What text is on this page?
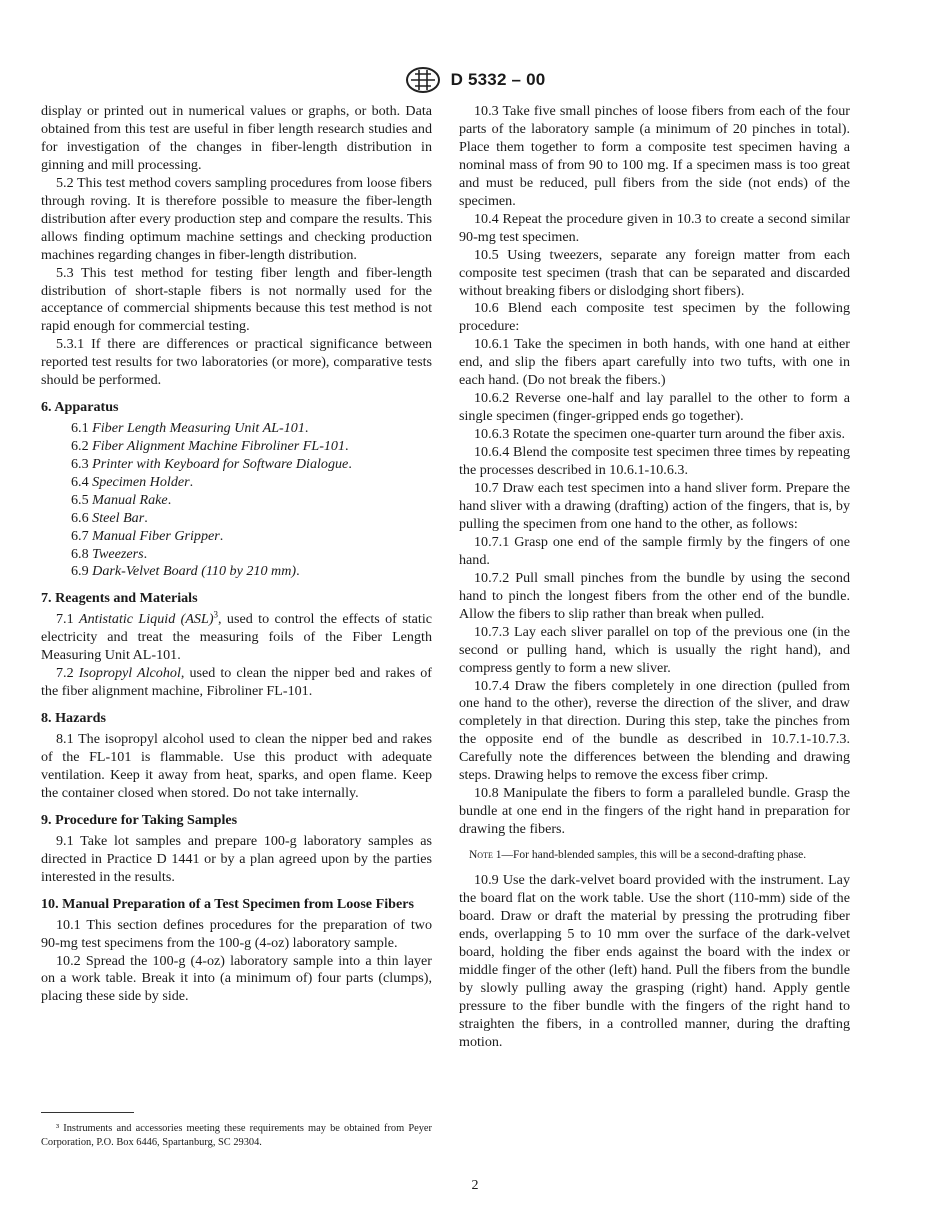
D 5332 – 00

display or printed out in numerical values or graphs, or both. Data obtained from this test are useful in fiber length research studies and for investigation of the changes in fiber-length distribution in ginning and mill processing.

5.2 This test method covers sampling procedures from loose fibers through roving. It is therefore possible to measure the fiber-length distribution after every production step and compare the results. This allows finding optimum machine settings and checking production machines regarding changes in fiber-length distribution.

5.3 This test method for testing fiber length and fiber-length distribution of short-staple fibers is not normally used for the acceptance of commercial shipments because this test method is not rapid enough for commercial testing.

5.3.1 If there are differences or practical significance between reported test results for two laboratories (or more), comparative tests should be performed.

6. Apparatus

6.1 Fiber Length Measuring Unit AL-101.

6.2 Fiber Alignment Machine Fibroliner FL-101.

6.3 Printer with Keyboard for Software Dialogue.

6.4 Specimen Holder.

6.5 Manual Rake.

6.6 Steel Bar.

6.7 Manual Fiber Gripper.

6.8 Tweezers.

6.9 Dark-Velvet Board (110 by 210 mm).

7. Reagents and Materials

7.1 Antistatic Liquid (ASL)$^3$, used to control the effects of static electricity and treat the measuring foils of the Fiber Length Measuring Unit AL-101.

7.2 Isopropyl Alcohol, used to clean the nipper bed and rakes of the fiber alignment machine, Fibroliner FL-101.

8. Hazards

8.1 The isopropyl alcohol used to clean the nipper bed and rakes of the FL-101 is flammable. Use this product with adequate ventilation. Keep it away from heat, sparks, and open flame. Keep the container closed when stored. Do not take internally.

9. Procedure for Taking Samples

9.1 Take lot samples and prepare 100-g laboratory samples as directed in Practice D 1441 or by a plan agreed upon by the parties interested in the results.

10. Manual Preparation of a Test Specimen from Loose Fibers

10.1 This section defines procedures for the preparation of two 90-mg test specimens from the 100-g (4-oz) laboratory sample.

10.2 Spread the 100-g (4-oz) laboratory sample into a thin layer on a work table. Break it into (a minimum of) four parts (clumps), placing these side by side.

³ Instruments and accessories meeting these requirements may be obtained from Peyer Corporation, P.O. Box 6446, Spartanburg, SC 29304.

10.3 Take five small pinches of loose fibers from each of the four parts of the laboratory sample (a minimum of 20 pinches in total). Place them together to form a composite test specimen having a nominal mass of from 90 to 100 mg. If a specimen mass is too great and must be reduced, pull fibers from the side (not ends) of the specimen.

10.4 Repeat the procedure given in 10.3 to create a second similar 90-mg test specimen.

10.5 Using tweezers, separate any foreign matter from each composite test specimen (trash that can be separated and discarded without breaking fibers or dislodging short fibers).

10.6 Blend each composite test specimen by the following procedure:

10.6.1 Take the specimen in both hands, with one hand at either end, and slip the fibers apart carefully into two tufts, with one in each hand. (Do not break the fibers.)

10.6.2 Reverse one-half and lay parallel to the other to form a single specimen (finger-gripped ends go together).

10.6.3 Rotate the specimen one-quarter turn around the fiber axis.

10.6.4 Blend the composite test specimen three times by repeating the processes described in 10.6.1-10.6.3.

10.7 Draw each test specimen into a hand sliver form. Prepare the hand sliver with a drawing (drafting) action of the fingers, that is, by pulling the specimen from one hand to the other, as follows:

10.7.1 Grasp one end of the sample firmly by the fingers of one hand.

10.7.2 Pull small pinches from the bundle by using the second hand to pinch the longest fibers from the other end of the bundle. Allow the fibers to slip rather than break when pulled.

10.7.3 Lay each sliver parallel on top of the previous one (in the second or pulling hand, which is usually the right hand), and compress gently to form a new sliver.

10.7.4 Draw the fibers completely in one direction (pulled from one hand to the other), reverse the direction of the sliver, and draw completely in that direction. During this step, take the pinches from the opposite end of the bundle as described in 10.7.1-10.7.3. Carefully note the differences between the blending and drawing steps. Drawing helps to remove the excess fiber crimp.

10.8 Manipulate the fibers to form a paralleled bundle. Grasp the bundle at one end in the fingers of the right hand in preparation for drawing the fibers.

Note 1—For hand-blended samples, this will be a second-drafting phase.

10.9 Use the dark-velvet board provided with the instrument. Lay the board flat on the work table. Use the short (110-mm) side of the board. Draw or draft the material by pressing the protruding fiber ends, overlapping 5 to 10 mm over the surface of the dark-velvet board, holding the fiber ends against the board with the index or middle finger of the other (left) hand. Pull the fibers from the bundle by slowly pulling away the grasping (right) hand. Apply gentle pressure to the fiber bundle with the fingers of the right hand to straighten the fibers, in a controlled manner, during the drafting motion.

2
